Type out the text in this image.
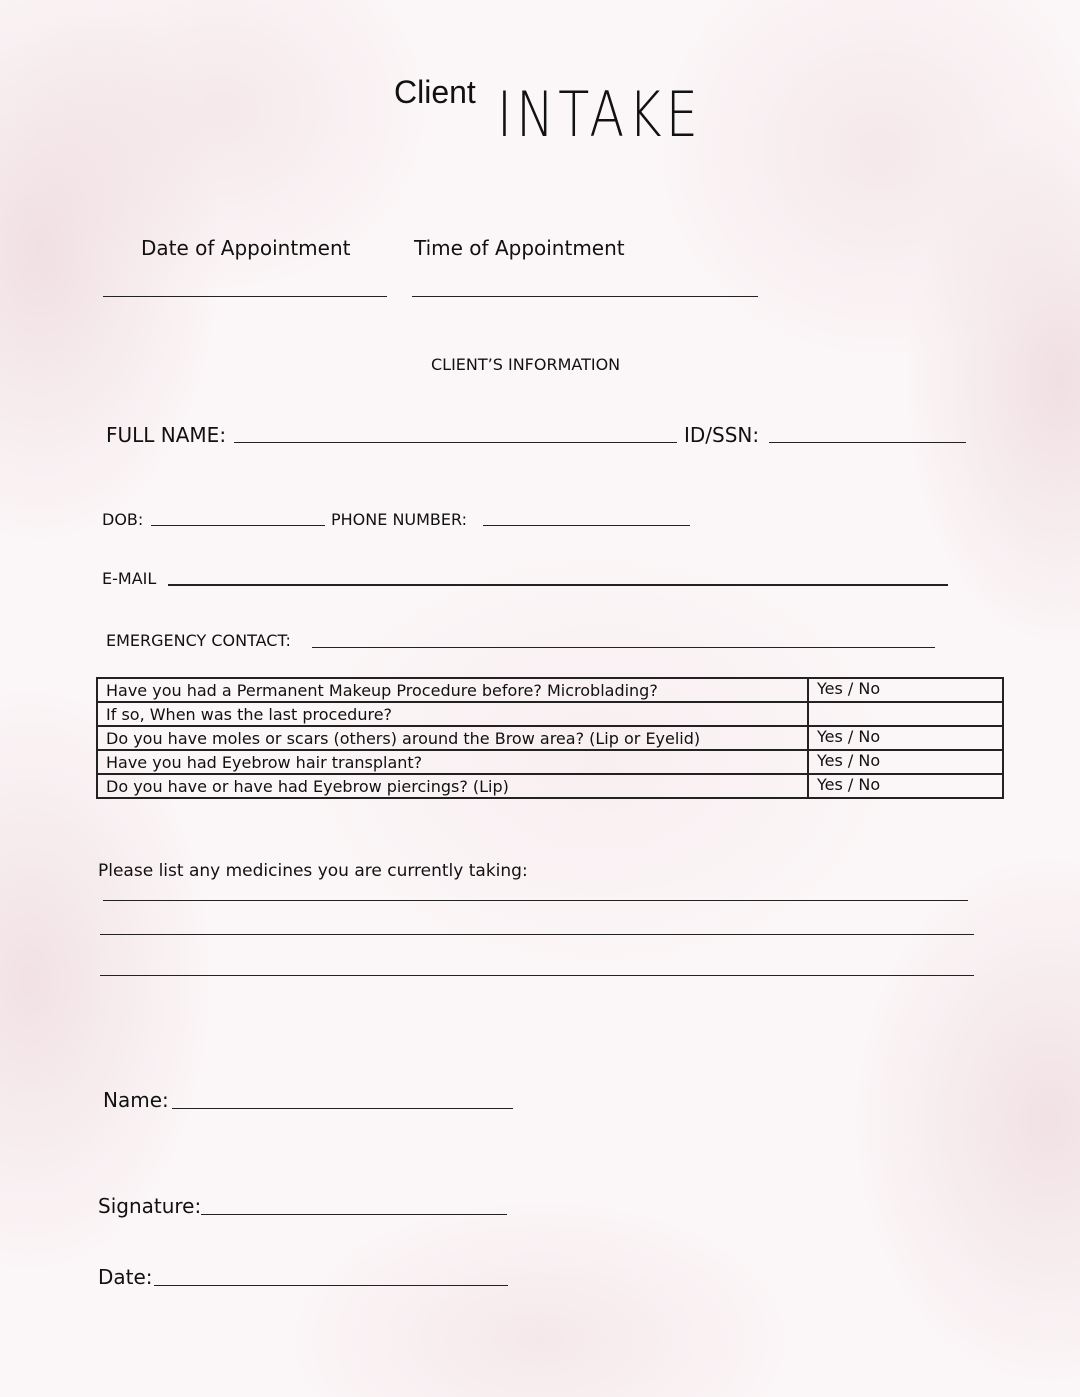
Client INTAKE
Date of Appointment	Time of Appointment
CLIENT’S INFORMATION
FULL NAME:	ID/SSN:
DOB:	PHONE NUMBER:
E-MAIL
EMERGENCY CONTACT:
Have you had a Permanent Makeup Procedure before? Microblading?	Yes / No
If so, When was the last procedure?	
Do you have moles or scars (others) around the Brow area? (Lip or Eyelid)	Yes / No
Have you had Eyebrow hair transplant?	Yes / No
Do you have or have had Eyebrow piercings? (Lip)	Yes / No
Please list any medicines you are currently taking:
Name:
Signature:
Date:
